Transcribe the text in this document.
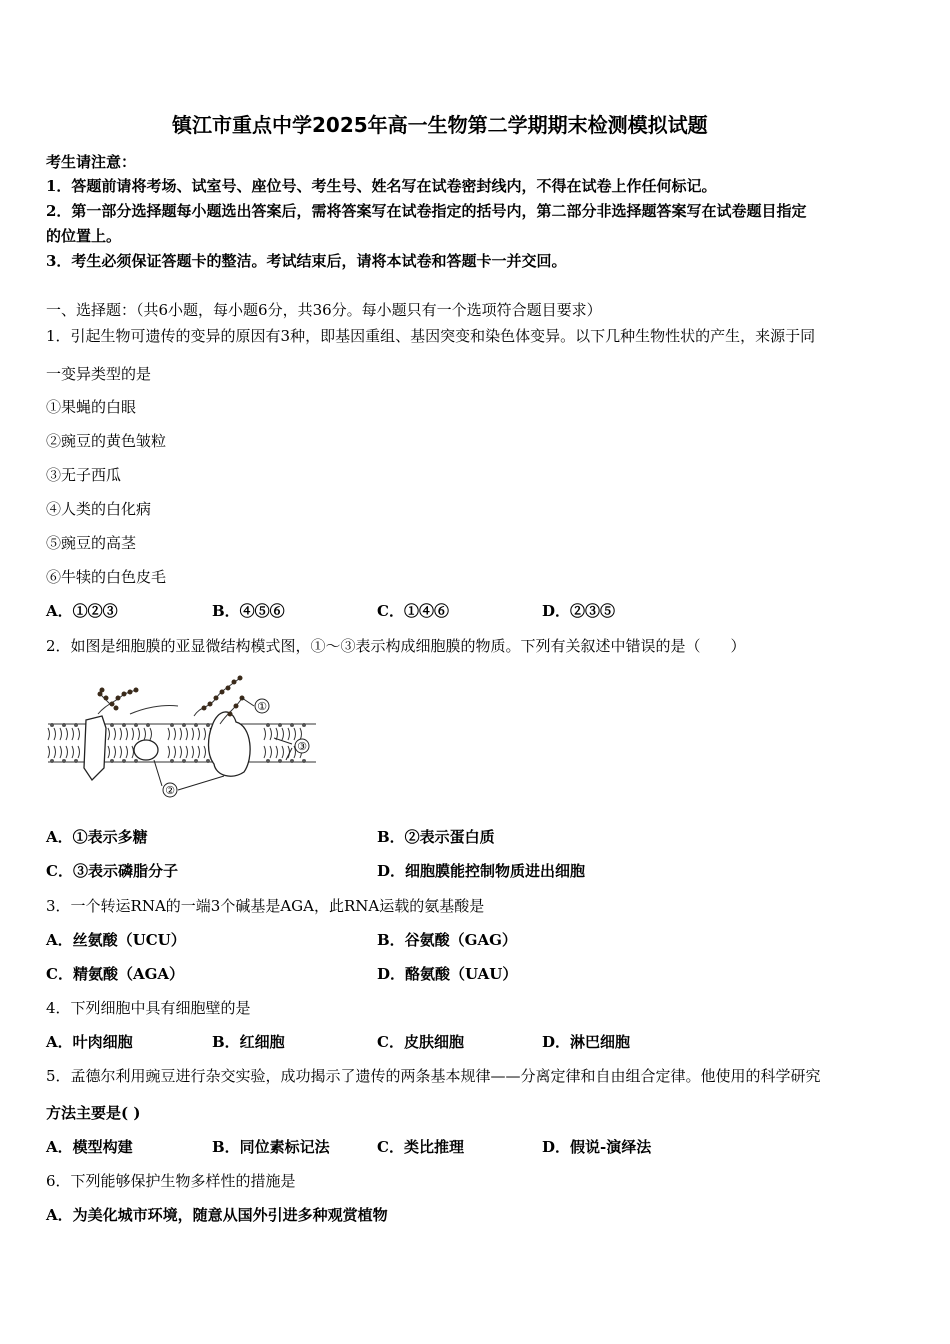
镇江市重点中学2025年高一生物第二学期期末检测模拟试题
考生请注意：
1．答题前请将考场、试室号、座位号、考生号、姓名写在试卷密封线内，不得在试卷上作任何标记。
2．第一部分选择题每小题选出答案后，需将答案写在试卷指定的括号内，第二部分非选择题答案写在试卷题目指定
的位置上。
3．考生必须保证答题卡的整洁。考试结束后，请将本试卷和答题卡一并交回。
一、选择题：（共6小题，每小题6分，共36分。每小题只有一个选项符合题目要求）
1．引起生物可遗传的变异的原因有3种，即基因重组、基因突变和染色体变异。以下几种生物性状的产生，来源于同
一变异类型的是
①果蝇的白眼
②豌豆的黄色皱粒
③无子西瓜
④人类的白化病
⑤豌豆的高茎
⑥牛犊的白色皮毛
A．①②③	B．④⑤⑥	C．①④⑥	D．②③⑤
2．如图是细胞膜的亚显微结构模式图，①～③表示构成细胞膜的物质。下列有关叙述中错误的是（　　）
①
②
③
A．①表示多糖	B．②表示蛋白质
C．③表示磷脂分子	D．细胞膜能控制物质进出细胞
3．一个转运RNA的一端3个碱基是AGA，此RNA运载的氨基酸是
A．丝氨酸（UCU）	B．谷氨酸（GAG）
C．精氨酸（AGA）	D．酪氨酸（UAU）
4．下列细胞中具有细胞壁的是
A．叶肉细胞	B．红细胞	C．皮肤细胞	D．淋巴细胞
5．孟德尔利用豌豆进行杂交实验，成功揭示了遗传的两条基本规律——分离定律和自由组合定律。他使用的科学研究
方法主要是( )
A．模型构建	B．同位素标记法	C．类比推理	D．假说-演绎法
6．下列能够保护生物多样性的措施是
A．为美化城市环境，随意从国外引进多种观赏植物
